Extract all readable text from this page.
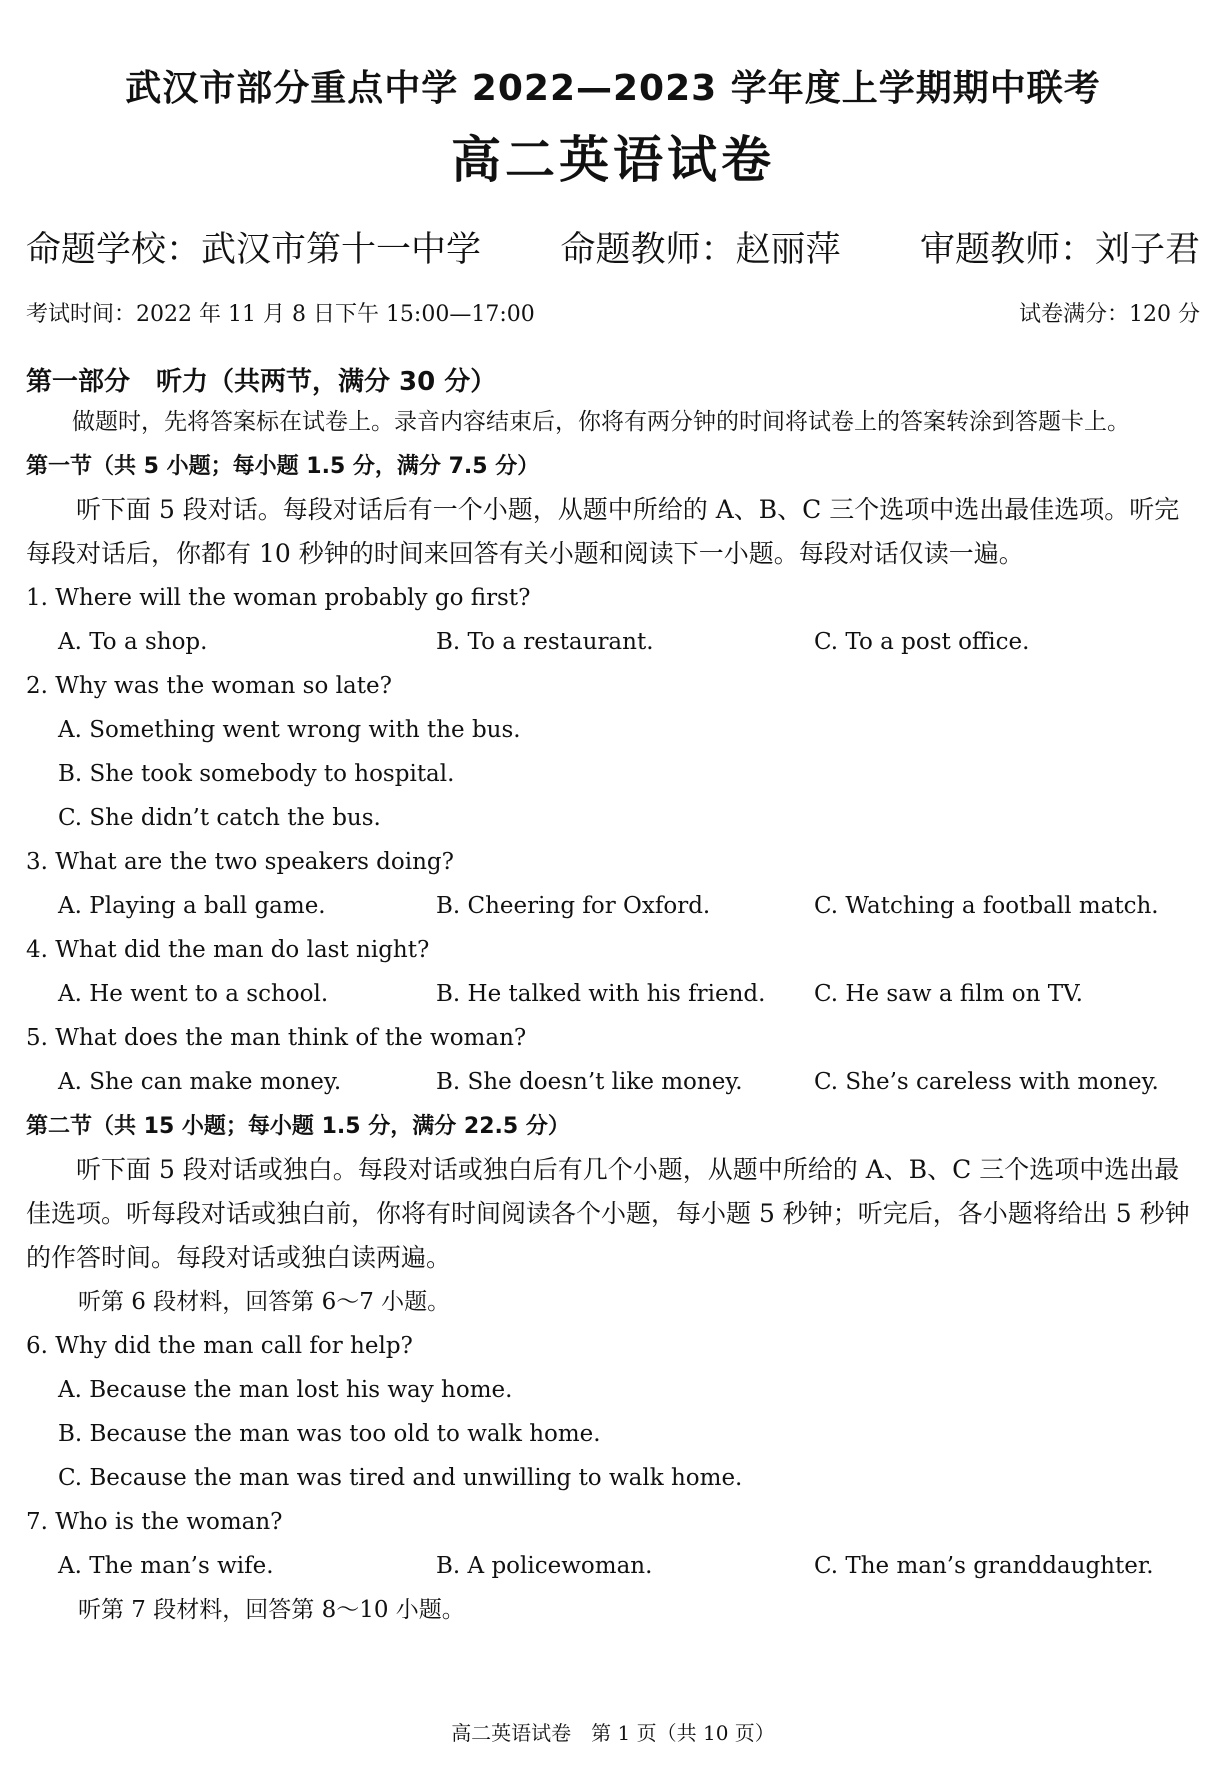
武汉市部分重点中学 2022—2023 学年度上学期期中联考
高二英语试卷
命题学校：武汉市第十一中学 命题教师：赵丽萍 审题教师：刘子君
考试时间：2022 年 11 月 8 日下午 15:00—17:00	试卷满分：120 分
第一部分　听力（共两节，满分 30 分）

做题时，先将答案标在试卷上。录音内容结束后，你将有两分钟的时间将试卷上的答案转涂到答题卡上。

第一节（共 5 小题；每小题 1.5 分，满分 7.5 分）

听下面 5 段对话。每段对话后有一个小题，从题中所给的 A、B、C 三个选项中选出最佳选项。听完每段对话后，你都有 10 秒钟的时间来回答有关小题和阅读下一小题。每段对话仅读一遍。

1. Where will the woman probably go first?

A. To a shop.	B. To a restaurant.	C. To a post office.

2. Why was the woman so late?

A. Something went wrong with the bus.

B. She took somebody to hospital.

C. She didn’t catch the bus.

3. What are the two speakers doing?

A. Playing a ball game.	B. Cheering for Oxford.	C. Watching a football match.

4. What did the man do last night?

A. He went to a school.	B. He talked with his friend.	C. He saw a film on TV.

5. What does the man think of the woman?

A. She can make money.	B. She doesn’t like money.	C. She’s careless with money.
第二节（共 15 小题；每小题 1.5 分，满分 22.5 分）

听下面 5 段对话或独白。每段对话或独白后有几个小题，从题中所给的 A、B、C 三个选项中选出最佳选项。听每段对话或独白前，你将有时间阅读各个小题，每小题 5 秒钟；听完后，各小题将给出 5 秒钟的作答时间。每段对话或独白读两遍。

听第 6 段材料，回答第 6～7 小题。

6. Why did the man call for help?

A. Because the man lost his way home.

B. Because the man was too old to walk home.

C. Because the man was tired and unwilling to walk home.

7. Who is the woman?

A. The man’s wife.	B. A policewoman.	C. The man’s granddaughter.

听第 7 段材料，回答第 8～10 小题。

高二英语试卷　第 1 页（共 10 页）
